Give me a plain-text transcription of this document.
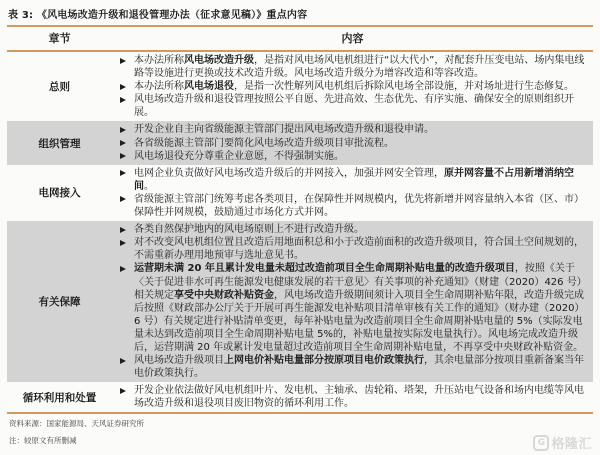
表 3: 《风电场改造升级和退役管理办法（征求意见稿）》重点内容
章节	内容
总则
本办法所称风电场改造升级，是指对风电场风电机组进行“以大代小”，对配套升压变电站、场内集电线路等设施进行更换或技术改造升级。风电场改造升级分为增容改造和等容改造。
本办法所称风电场退役，是指一次性解列风电机组后拆除风电场全部设施，并对场址进行生态修复。
风电场改造升级和退役管理按照公平自愿、先进高效、生态优先、有序实施、确保安全的原则组织开展。
组织管理
开发企业自主向省级能源主管部门提出风电场改造升级和退役申请。
各省级能源主管部门要简化风电场改造升级项目审批流程。
风电场退役充分尊重企业意愿，不得强制实施。
电网接入
电网企业负责做好风电场改造升级后的并网接入，加强并网安全管理，原并网容量不占用新增消纳空间。
省级能源主管部门统筹考虑各类项目，在保障性并网规模内，优先将新增并网容量纳入本省（区、市）保障性并网规模，鼓励通过市场化方式并网。
有关保障
各类自然保护地内的风电场原则上不进行改造升级。
对不改变风电机组位置且改造后用地面积总和小于改造前面积的改造升级项目，符合国土空间规划的，不需重新办理用地预审与选址意见书。
运营期未满 20 年且累计发电量未超过改造前项目全生命周期补贴电量的改造升级项目，按照《关于〈关于促进非水可再生能源发电健康发展的若干意见〉有关事项的补充通知》（财建（2020）426 号）相关规定享受中央财政补贴资金，风电场改造升级期间须计入项目全生命周期补贴年限，改造升级完成后按照《财政部办公厅关于开展可再生能源发电补贴项目清单审核有关工作的通知》（财办建（2020）6 号）有关规定进行补贴清单变更，每年补贴电量为改造前项目全生命周期补贴电量的 5%（实际发电量未达到改造前项目全生命周期补贴电量 5%的，补贴电量按实际发电量执行）。风电场完成改造升级后，运营期满 20 年或累计发电量超过改造前项目全生命周期补贴电量，不再享受中央财政补贴资金。
风电场改造升级项目上网电价补贴电量部分按原项目电价政策执行，其余电量部分按项目重新备案当年电价政策执行。
循环利用和处置
开发企业依法做好风电机组叶片、发电机、主轴承、齿轮箱、塔架，升压站电气设备和场内电缆等风电场改造升级和退役项目废旧物资的循环利用工作。
资料来源：国家能源局、天风证券研究所
注：较原文有所删减	G 格隆汇
